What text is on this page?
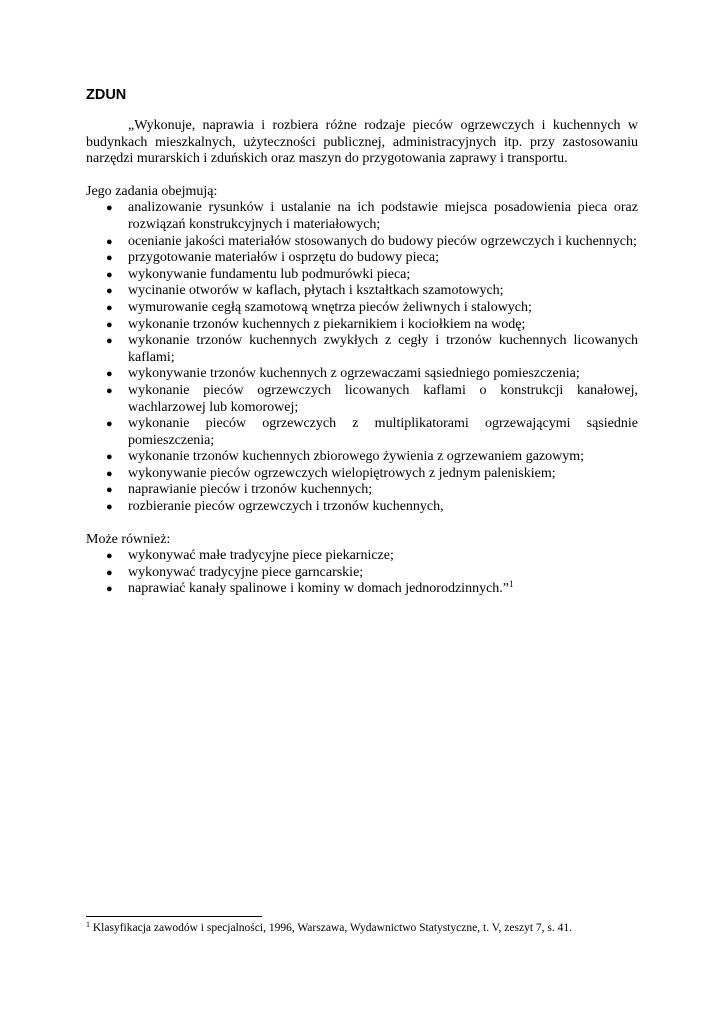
ZDUN

„Wykonuje, naprawia i rozbiera różne rodzaje pieców ogrzewczych i kuchennych w budynkach mieszkalnych, użyteczności publicznej, administracyjnych itp. przy zastosowaniu narzędzi murarskich i zduńskich oraz maszyn do przygotowania zaprawy i transportu.

Jego zadania obejmują:

● analizowanie rysunków i ustalanie na ich podstawie miejsca posadowienia pieca oraz rozwiązań konstrukcyjnych i materiałowych;
● ocenianie jakości materiałów stosowanych do budowy pieców ogrzewczych i kuchennych;
● przygotowanie materiałów i osprzętu do budowy pieca;
● wykonywanie fundamentu lub podmurówki pieca;
● wycinanie otworów w kaflach, płytach i kształtkach szamotowych;
● wymurowanie cegłą szamotową wnętrza pieców żeliwnych i stalowych;
● wykonanie trzonów kuchennych z piekarnikiem i kociołkiem na wodę;
● wykonanie trzonów kuchennych zwykłych z cegły i trzonów kuchennych licowanych kaflami;
● wykonywanie trzonów kuchennych z ogrzewaczami sąsiedniego pomieszczenia;
● wykonanie pieców ogrzewczych licowanych kaflami o konstrukcji kanałowej, wachlarzowej lub komorowej;
● wykonanie pieców ogrzewczych z multiplikatorami ogrzewającymi sąsiednie pomieszczenia;
● wykonanie trzonów kuchennych zbiorowego żywienia z ogrzewaniem gazowym;
● wykonywanie pieców ogrzewczych wielopiętrowych z jednym paleniskiem;
● naprawianie pieców i trzonów kuchennych;
● rozbieranie pieców ogrzewczych i trzonów kuchennych,

Może również:

● wykonywać małe tradycyjne piece piekarnicze;
● wykonywać tradycyjne piece garncarskie;
● naprawiać kanały spalinowe i kominy w domach jednorodzinnych.”$^1$
$^1$ Klasyfikacja zawodów i specjalności, 1996, Warszawa, Wydawnictwo Statystyczne, t. V, zeszyt 7, s. 41.
